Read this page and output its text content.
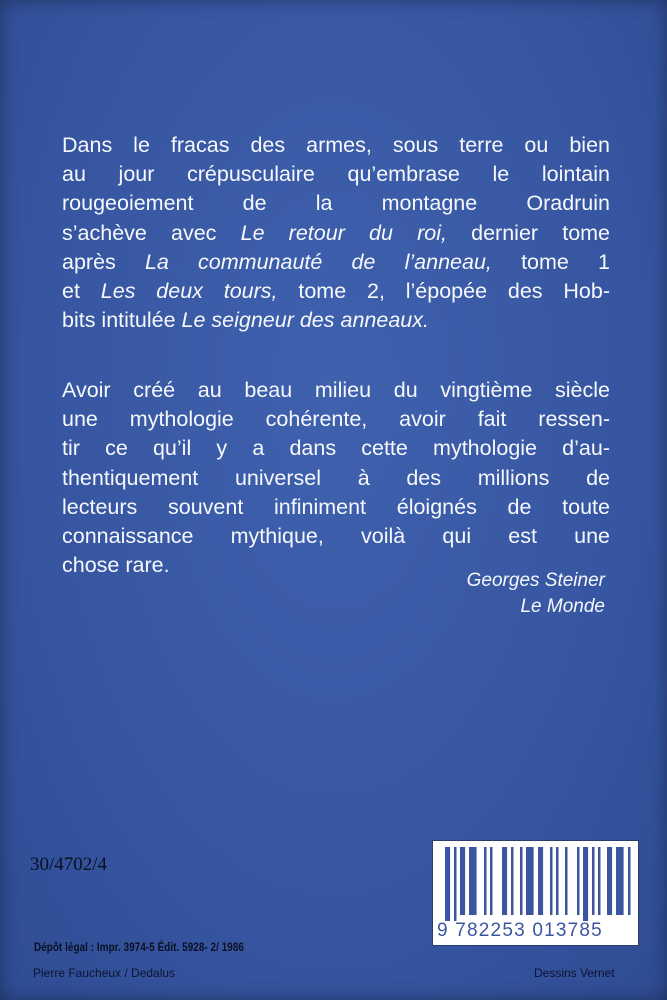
Dans le fracas des armes, sous terre ou bien
au jour crépusculaire qu’embrase le lointain
rougeoiement de la montagne Oradruin
s’achève avec Le retour du roi, dernier tome
après La communauté de l’anneau, tome 1
et Les deux tours, tome 2, l’épopée des Hob-
bits intitulée Le seigneur des anneaux.
Avoir créé au beau milieu du vingtième siècle
une mythologie cohérente, avoir fait ressen-
tir ce qu’il y a dans cette mythologie d’au-
thentiquement universel à des millions de
lecteurs souvent infiniment éloignés de toute
connaissance mythique, voilà qui est une
chose rare.
Georges Steiner
Le Monde
30/4702/4
9 782253 013785
Dépôt légal : Impr. 3974-5 Édit. 5928- 2/ 1986
Pierre Faucheux / Dedalus	Dessins Vernet
